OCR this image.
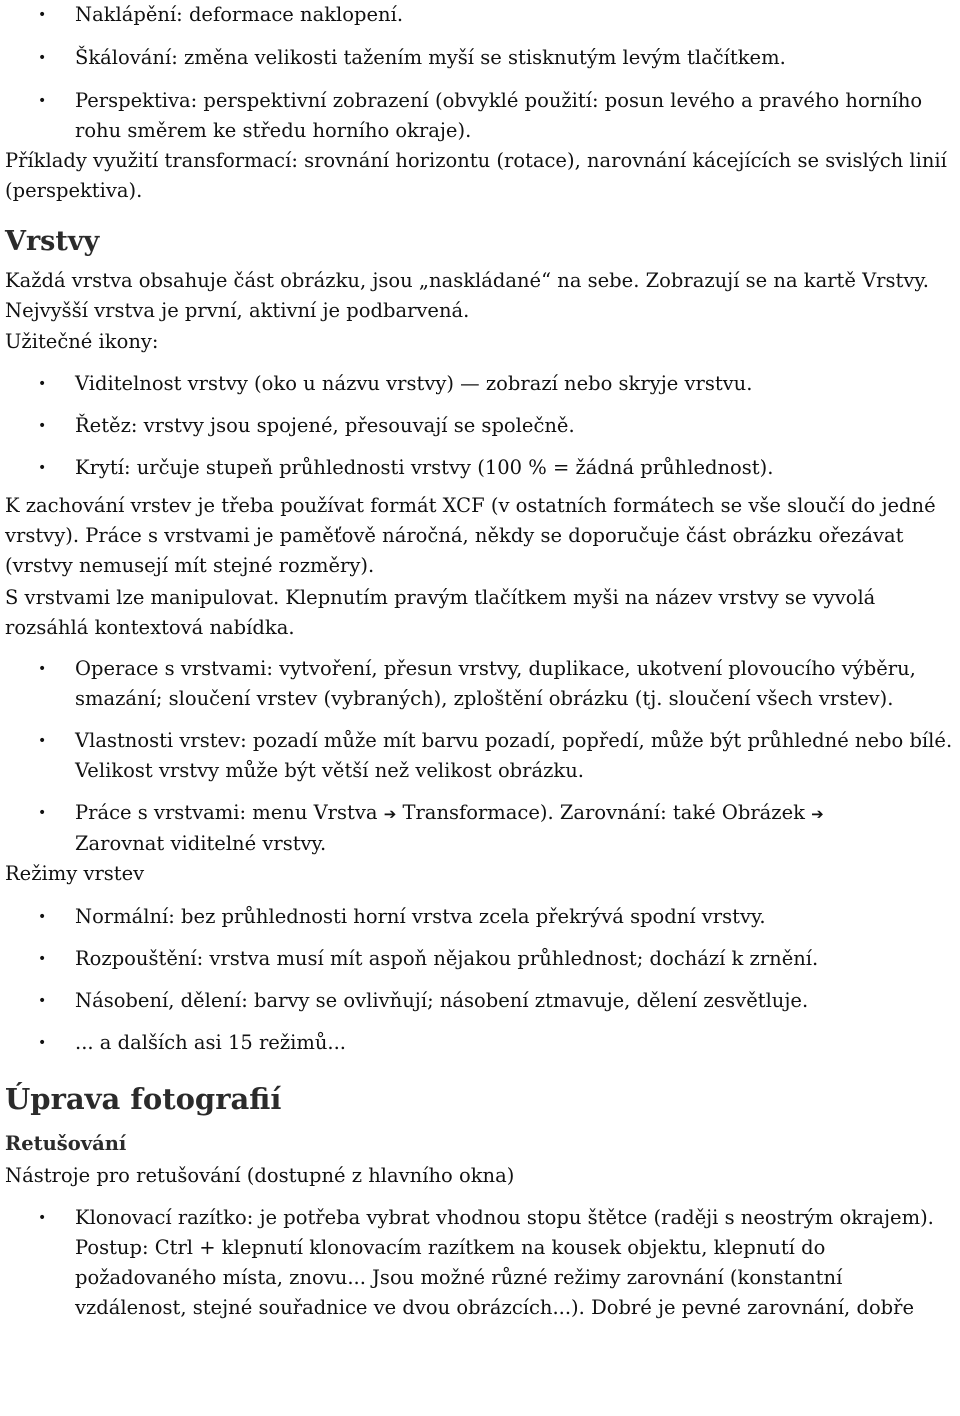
• Naklápění: deformace naklopení.
• Škálování: změna velikosti tažením myší se stisknutým levým tlačítkem.
• Perspektiva: perspektivní zobrazení (obvyklé použití: posun levého a pravého horního rohu směrem ke středu horního okraje).

Příklady využití transformací: srovnání horizontu (rotace), narovnání kácejících se svislých linií (perspektiva).

Vrstvy

Každá vrstva obsahuje část obrázku, jsou „naskládané“ na sebe. Zobrazují se na kartě Vrstvy. Nejvyšší vrstva je první, aktivní je podbarvená.

Užitečné ikony:

• Viditelnost vrstvy (oko u názvu vrstvy) — zobrazí nebo skryje vrstvu.
• Řetěz: vrstvy jsou spojené, přesouvají se společně.
• Krytí: určuje stupeň průhlednosti vrstvy (100 % = žádná průhlednost).

K zachování vrstev je třeba používat formát XCF (v ostatních formátech se vše sloučí do jedné vrstvy). Práce s vrstvami je paměťově náročná, někdy se doporučuje část obrázku ořezávat (vrstvy nemusejí mít stejné rozměry).

S vrstvami lze manipulovat. Klepnutím pravým tlačítkem myši na název vrstvy se vyvolá rozsáhlá kontextová nabídka.

• Operace s vrstvami: vytvoření, přesun vrstvy, duplikace, ukotvení plovoucího výběru, smazání; sloučení vrstev (vybraných), zploštění obrázku (tj. sloučení všech vrstev).
• Vlastnosti vrstev: pozadí může mít barvu pozadí, popředí, může být průhledné nebo bílé. Velikost vrstvy může být větší než velikost obrázku.
• Práce s vrstvami: menu Vrstva ➔ Transformace). Zarovnání: také Obrázek ➔
Zarovnat viditelné vrstvy.

Režimy vrstev

• Normální: bez průhlednosti horní vrstva zcela překrývá spodní vrstvy.
• Rozpouštění: vrstva musí mít aspoň nějakou průhlednost; dochází k zrnění.
• Násobení, dělení: barvy se ovlivňují; násobení ztmavuje, dělení zesvětluje.
• ... a dalších asi 15 režimů...
Úprava fotografií
Retušování

Nástroje pro retušování (dostupné z hlavního okna)

• Klonovací razítko: je potřeba vybrat vhodnou stopu štětce (raději s neostrým okrajem). Postup: Ctrl + klepnutí klonovacím razítkem na kousek objektu, klepnutí do požadovaného místa, znovu... Jsou možné různé režimy zarovnání (konstantní vzdálenost, stejné souřadnice ve dvou obrázcích...). Dobré je pevné zarovnání, dobře
